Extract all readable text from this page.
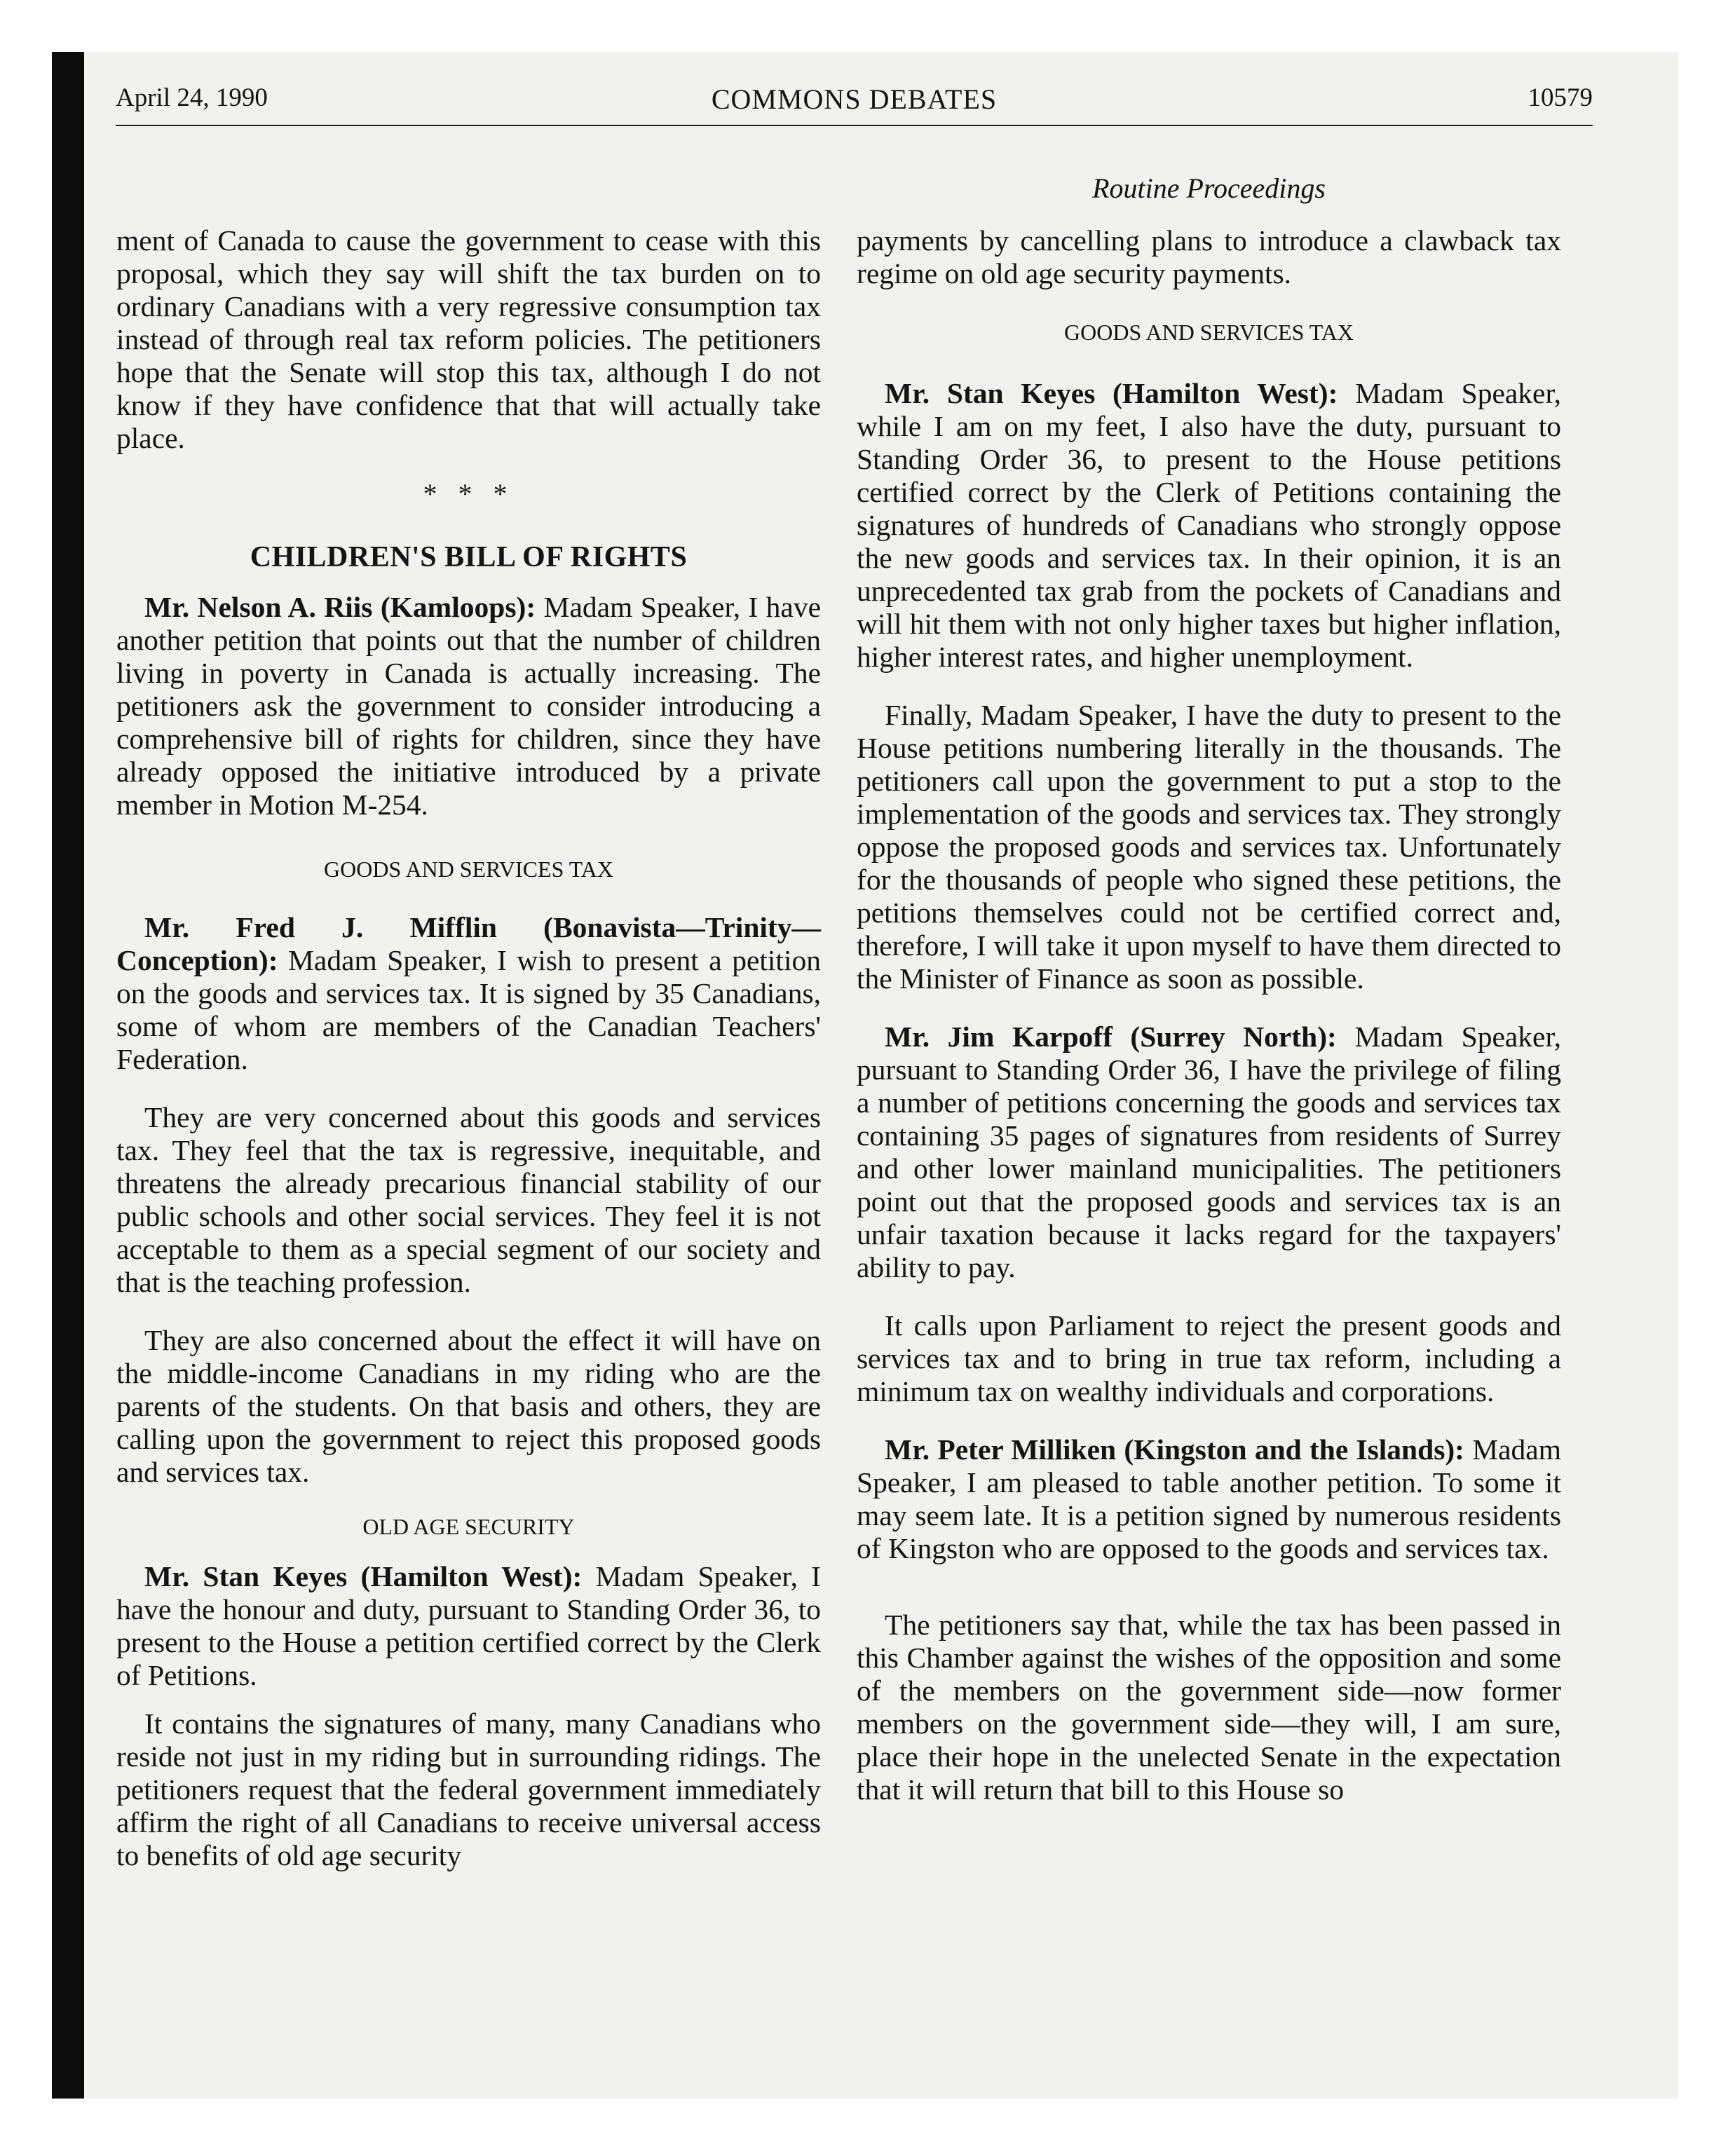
April 24, 1990	COMMONS DEBATES	10579
Routine Proceedings

ment of Canada to cause the government to cease with this proposal, which they say will shift the tax burden on to ordinary Canadians with a very regressive consumption tax instead of through real tax reform policies. The petitioners hope that the Senate will stop this tax, although I do not know if they have confidence that that will actually take place.

* * *

CHILDREN'S BILL OF RIGHTS

Mr. Nelson A. Riis (Kamloops): Madam Speaker, I have another petition that points out that the number of children living in poverty in Canada is actually increasing. The petitioners ask the government to consider introducing a comprehensive bill of rights for children, since they have already opposed the initiative introduced by a private member in Motion M-254.

GOODS AND SERVICES TAX

Mr. Fred J. Mifflin (Bonavista—Trinity—Conception): Madam Speaker, I wish to present a petition on the goods and services tax. It is signed by 35 Canadians, some of whom are members of the Canadian Teachers' Federation.

They are very concerned about this goods and services tax. They feel that the tax is regressive, inequitable, and threatens the already precarious financial stability of our public schools and other social services. They feel it is not acceptable to them as a special segment of our society and that is the teaching profession.

They are also concerned about the effect it will have on the middle-income Canadians in my riding who are the parents of the students. On that basis and others, they are calling upon the government to reject this proposed goods and services tax.

OLD AGE SECURITY

Mr. Stan Keyes (Hamilton West): Madam Speaker, I have the honour and duty, pursuant to Standing Order 36, to present to the House a petition certified correct by the Clerk of Petitions.

It contains the signatures of many, many Canadians who reside not just in my riding but in surrounding ridings. The petitioners request that the federal government immediately affirm the right of all Canadians to receive universal access to benefits of old age security

payments by cancelling plans to introduce a clawback tax regime on old age security payments.

GOODS AND SERVICES TAX

Mr. Stan Keyes (Hamilton West): Madam Speaker, while I am on my feet, I also have the duty, pursuant to Standing Order 36, to present to the House petitions certified correct by the Clerk of Petitions containing the signatures of hundreds of Canadians who strongly oppose the new goods and services tax. In their opinion, it is an unprecedented tax grab from the pockets of Canadians and will hit them with not only higher taxes but higher inflation, higher interest rates, and higher unemployment.

Finally, Madam Speaker, I have the duty to present to the House petitions numbering literally in the thousands. The petitioners call upon the government to put a stop to the implementation of the goods and services tax. They strongly oppose the proposed goods and services tax. Unfortunately for the thousands of people who signed these petitions, the petitions themselves could not be certified correct and, therefore, I will take it upon myself to have them directed to the Minister of Finance as soon as possible.

Mr. Jim Karpoff (Surrey North): Madam Speaker, pursuant to Standing Order 36, I have the privilege of filing a number of petitions concerning the goods and services tax containing 35 pages of signatures from residents of Surrey and other lower mainland municipalities. The petitioners point out that the proposed goods and services tax is an unfair taxation because it lacks regard for the taxpayers' ability to pay.

It calls upon Parliament to reject the present goods and services tax and to bring in true tax reform, including a minimum tax on wealthy individuals and corporations.

Mr. Peter Milliken (Kingston and the Islands): Madam Speaker, I am pleased to table another petition. To some it may seem late. It is a petition signed by numerous residents of Kingston who are opposed to the goods and services tax.

The petitioners say that, while the tax has been passed in this Chamber against the wishes of the opposition and some of the members on the government side—now former members on the government side—they will, I am sure, place their hope in the unelected Senate in the expectation that it will return that bill to this House so
